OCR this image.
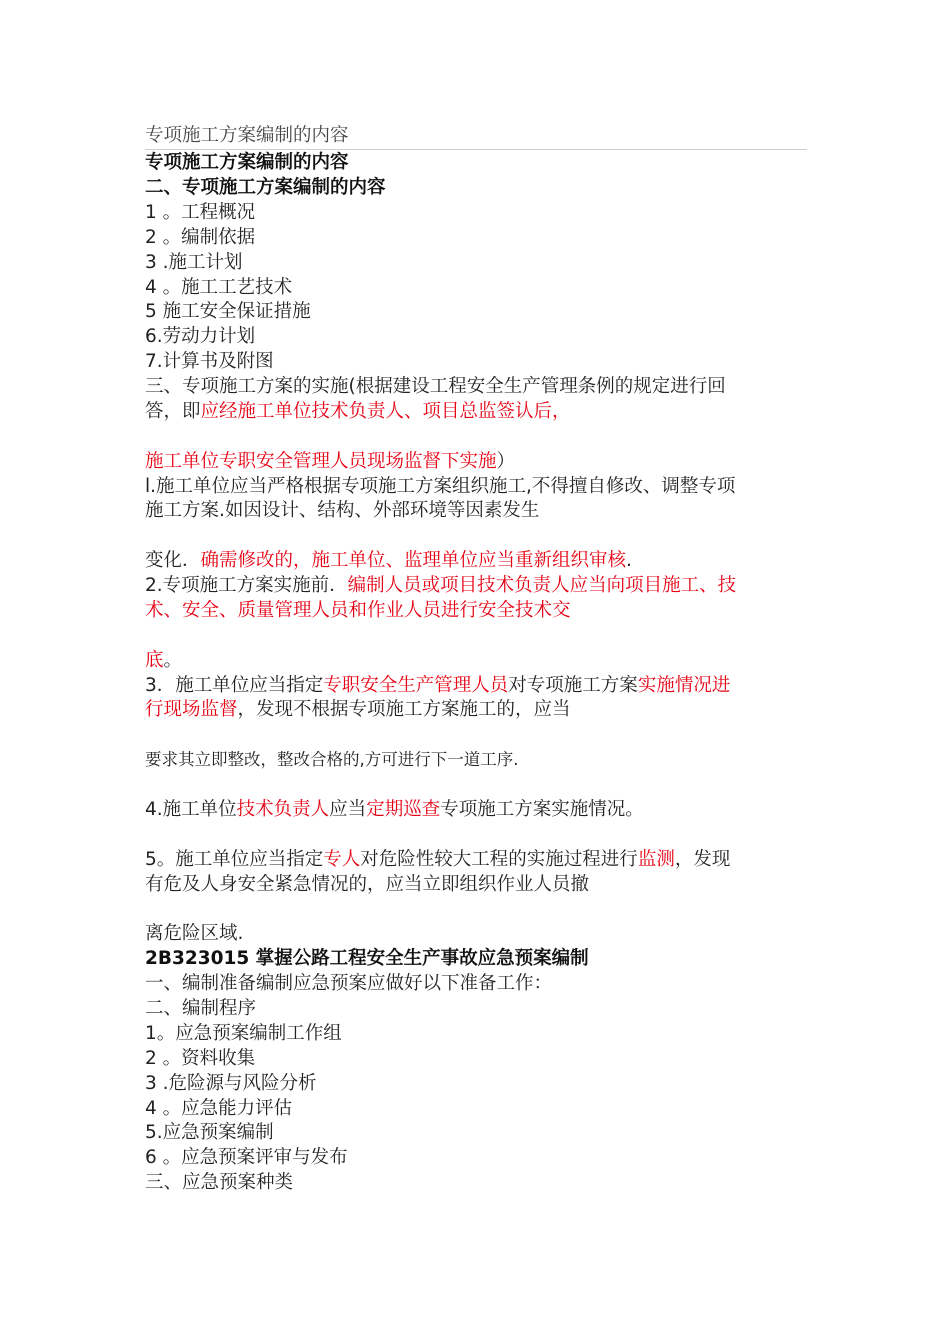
专项施工方案编制的内容
专项施工方案编制的内容
二、专项施工方案编制的内容
1 。工程概况
2 。编制依据
3 .施工计划
4 。施工工艺技术
5 施工安全保证措施
6.劳动力计划
7.计算书及附图
三、专项施工方案的实施(根据建设工程安全生产管理条例的规定进行回
答，即应经施工单位技术负责人、项目总监签认后，
施工单位专职安全管理人员现场监督下实施）
l.施工单位应当严格根据专项施工方案组织施工,不得擅自修改、调整专项
施工方案.如因设计、结构、外部环境等因素发生
变化．确需修改的，施工单位、监理单位应当重新组织审核.
2.专项施工方案实施前．编制人员或项目技术负责人应当向项目施工、技
术、安全、质量管理人员和作业人员进行安全技术交
底。
3．施工单位应当指定专职安全生产管理人员对专项施工方案实施情况进
行现场监督，发现不根据专项施工方案施工的，应当
要求其立即整改，整改合格的,方可进行下一道工序.
4.施工单位技术负责人应当定期巡查专项施工方案实施情况。
5。施工单位应当指定专人对危险性较大工程的实施过程进行监测，发现
有危及人身安全紧急情况的，应当立即组织作业人员撤
离危险区域.
2B323015 掌握公路工程安全生产事故应急预案编制
一、编制准备编制应急预案应做好以下准备工作：
二、编制程序
1。应急预案编制工作组
2 。资料收集
3 .危险源与风险分析
4 。应急能力评估
5.应急预案编制
6 。应急预案评审与发布
三、应急预案种类
